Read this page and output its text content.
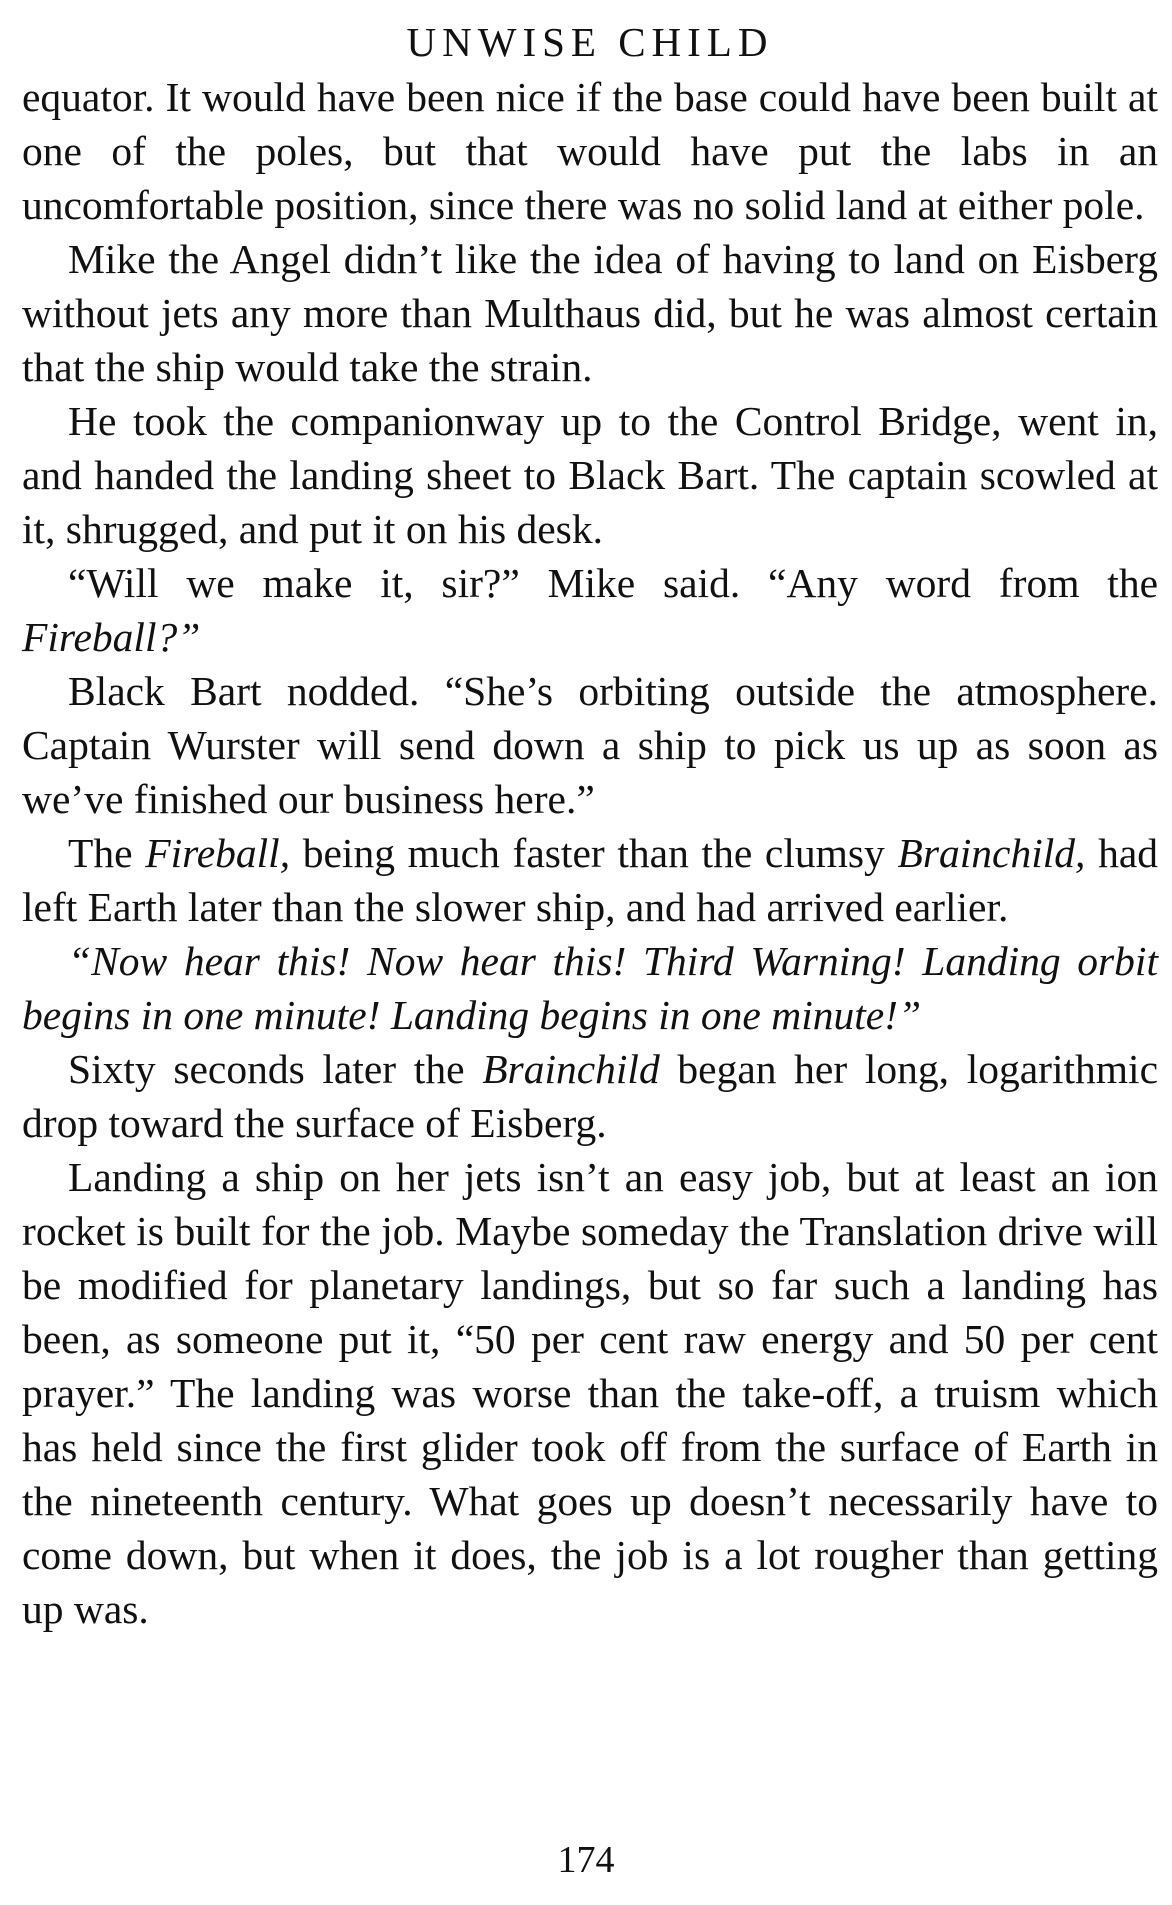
UNWISE CHILD

equator. It would have been nice if the base could have been built at one of the poles, but that would have put the labs in an uncomfortable position, since there was no solid land at either pole.

Mike the Angel didn’t like the idea of having to land on Eisberg without jets any more than Multhaus did, but he was almost certain that the ship would take the strain.

He took the companionway up to the Control Bridge, went in, and handed the landing sheet to Black Bart. The captain scowled at it, shrugged, and put it on his desk.

“Will we make it, sir?” Mike said. “Any word from the Fireball?”

Black Bart nodded. “She’s orbiting outside the atmosphere. Captain Wurster will send down a ship to pick us up as soon as we’ve finished our business here.”

The Fireball, being much faster than the clumsy Brainchild, had left Earth later than the slower ship, and had arrived earlier.

“Now hear this! Now hear this! Third Warning! Landing orbit begins in one minute! Landing begins in one minute!”

Sixty seconds later the Brainchild began her long, logarithmic drop toward the surface of Eisberg.

Landing a ship on her jets isn’t an easy job, but at least an ion rocket is built for the job. Maybe someday the Translation drive will be modified for planetary landings, but so far such a landing has been, as someone put it, “50 per cent raw energy and 50 per cent prayer.” The landing was worse than the take-off, a truism which has held since the first glider took off from the surface of Earth in the nineteenth century. What goes up doesn’t necessarily have to come down, but when it does, the job is a lot rougher than getting up was.

174
